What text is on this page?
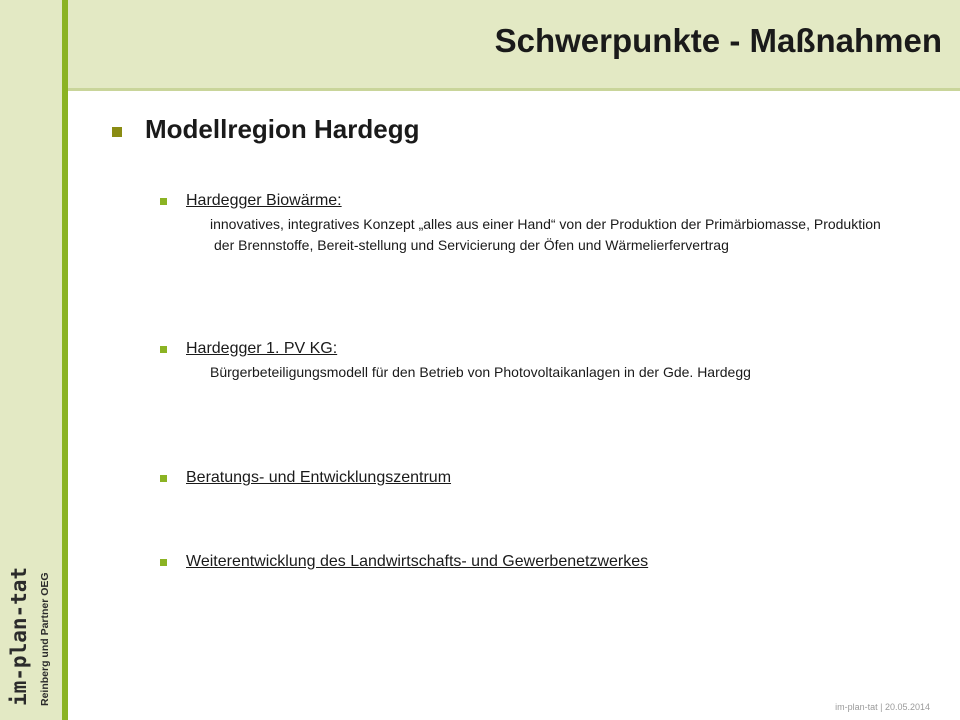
Schwerpunkte - Maßnahmen
im-plan-tat Reinberg und Partner OEG
Modellregion Hardegg
Hardegger Biowärme:
innovatives, integratives Konzept „alles aus einer Hand“ von der Produktion der Primärbiomasse, Produktion der Brennstoffe, Bereit-stellung und Servicierung der Öfen und Wärmelierfervertrag
Hardegger 1. PV KG:
Bürgerbeteiligungsmodell für den Betrieb von Photovoltaikanlagen in der Gde. Hardegg
Beratungs- und Entwicklungszentrum
Weiterentwicklung des Landwirtschafts- und Gewerbenetzwerkes
im-plan-tat | 20.05.2014
